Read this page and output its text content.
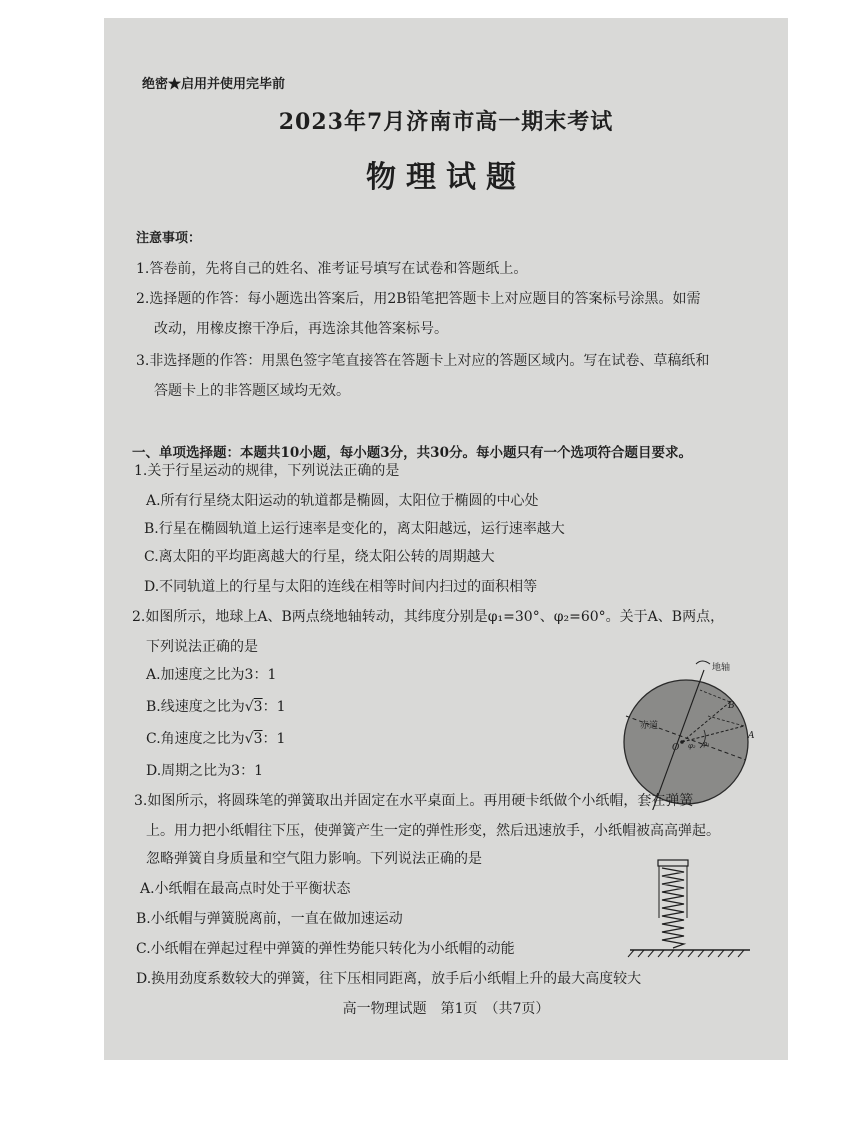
绝密★启用并使用完毕前
2023年7月济南市高一期末考试
物理试题
注意事项：
1.答卷前，先将自己的姓名、准考证号填写在试卷和答题纸上。
2.选择题的作答：每小题选出答案后，用2B铅笔把答题卡上对应题目的答案标号涂黑。如需
改动，用橡皮擦干净后，再选涂其他答案标号。
3.非选择题的作答：用黑色签字笔直接答在答题卡上对应的答题区域内。写在试卷、草稿纸和
答题卡上的非答题区域均无效。
一、单项选择题：本题共10小题，每小题3分，共30分。每小题只有一个选项符合题目要求。
1.关于行星运动的规律，下列说法正确的是
A.所有行星绕太阳运动的轨道都是椭圆，太阳位于椭圆的中心处
B.行星在椭圆轨道上运行速率是变化的，离太阳越远，运行速率越大
C.离太阳的平均距离越大的行星，绕太阳公转的周期越大
D.不同轨道上的行星与太阳的连线在相等时间内扫过的面积相等
2.如图所示，地球上A、B两点绕地轴转动，其纬度分别是φ₁=30°、φ₂=60°。关于A、B两点，
下列说法正确的是
A.加速度之比为3：1
B.线速度之比为√3：1
C.角速度之比为√3：1
D.周期之比为3：1
地轴
赤道
B
A
O	φ₁
φ₂
3.如图所示，将圆珠笔的弹簧取出并固定在水平桌面上。再用硬卡纸做个小纸帽，套在弹簧
上。用力把小纸帽往下压，使弹簧产生一定的弹性形变，然后迅速放手，小纸帽被高高弹起。
忽略弹簧自身质量和空气阻力影响。下列说法正确的是
A.小纸帽在最高点时处于平衡状态
B.小纸帽与弹簧脱离前，一直在做加速运动
C.小纸帽在弹起过程中弹簧的弹性势能只转化为小纸帽的动能
D.换用劲度系数较大的弹簧，往下压相同距离，放手后小纸帽上升的最大高度较大
高一物理试题　第1页　（共7页）
